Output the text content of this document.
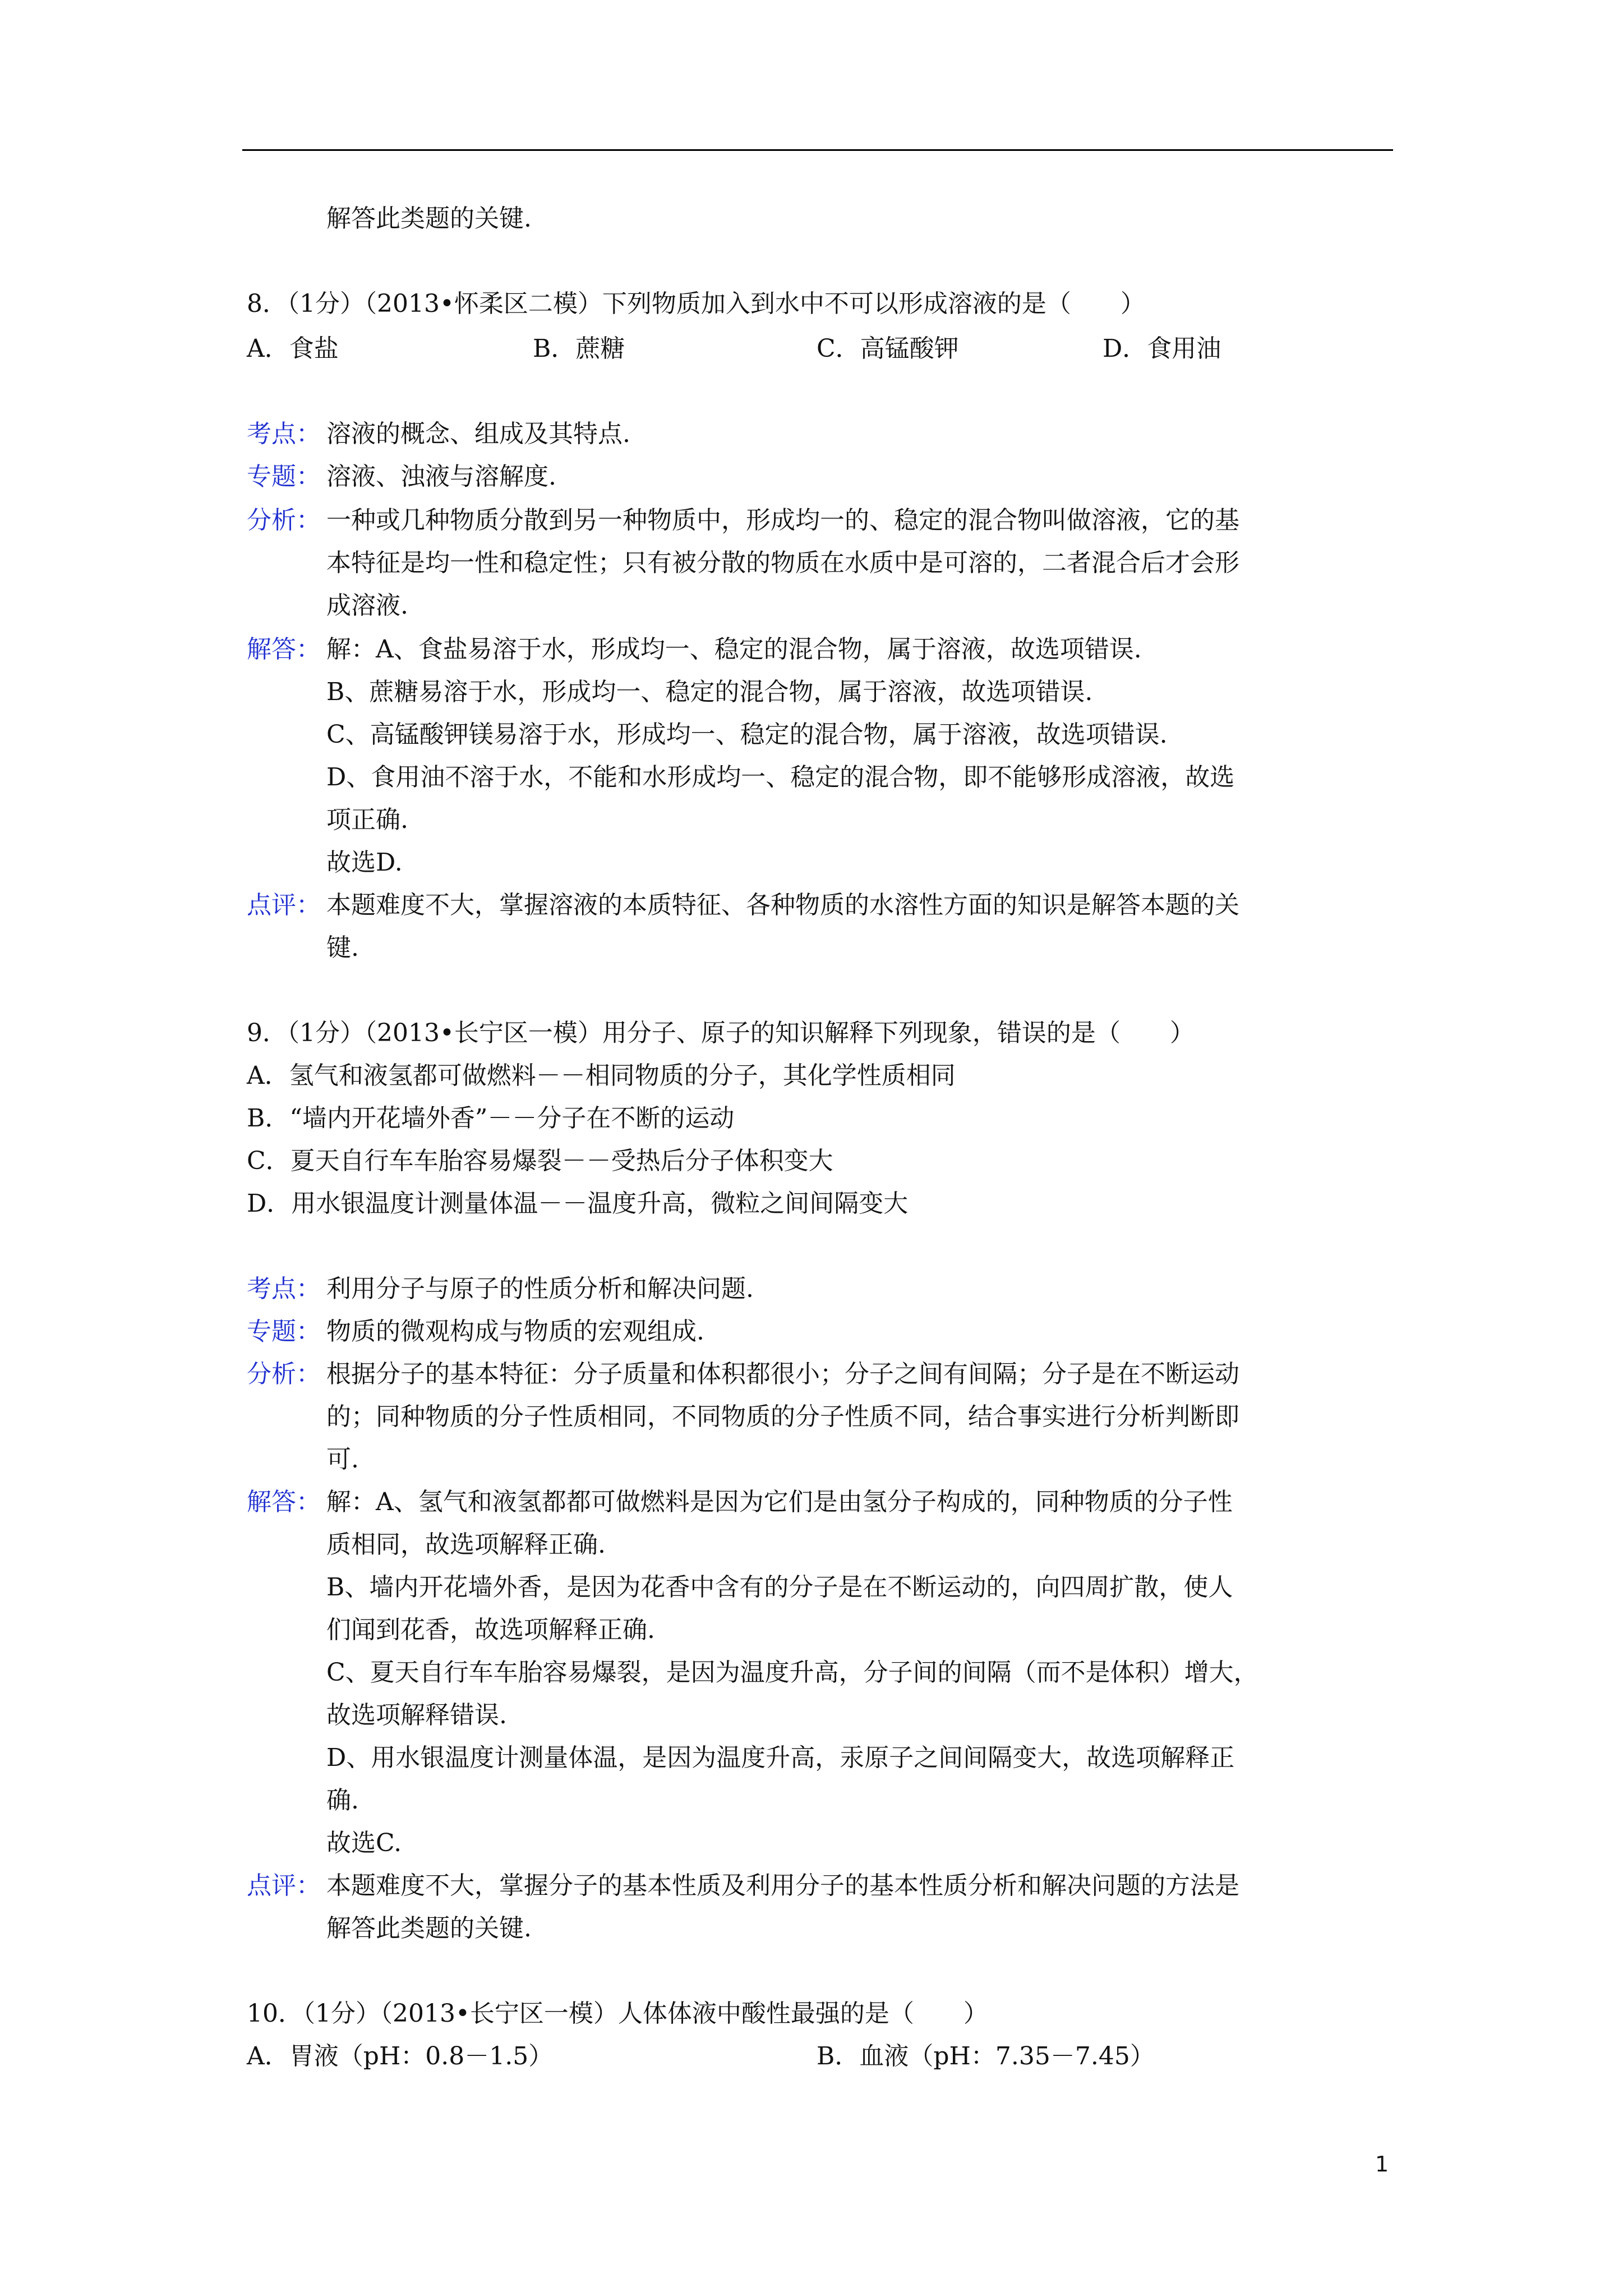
解答此类题的关键.
8．（1分）（2013•怀柔区二模）下列物质加入到水中不可以形成溶液的是（　　）
A．食盐	B．蔗糖	C．高锰酸钾	D．食用油
考点： 溶液的概念、组成及其特点.
专题： 溶液、浊液与溶解度.
分析： 一种或几种物质分散到另一种物质中，形成均一的、稳定的混合物叫做溶液，它的基
本特征是均一性和稳定性；只有被分散的物质在水质中是可溶的，二者混合后才会形
成溶液.
解答： 解：A、食盐易溶于水，形成均一、稳定的混合物，属于溶液，故选项错误.
B、蔗糖易溶于水，形成均一、稳定的混合物，属于溶液，故选项错误.
C、高锰酸钾镁易溶于水，形成均一、稳定的混合物，属于溶液，故选项错误.
D、食用油不溶于水，不能和水形成均一、稳定的混合物，即不能够形成溶液，故选
项正确.
故选D.
点评： 本题难度不大，掌握溶液的本质特征、各种物质的水溶性方面的知识是解答本题的关
键.
9．（1分）（2013•长宁区一模）用分子、原子的知识解释下列现象，错误的是（　　）
A．氢气和液氢都可做燃料－－相同物质的分子，其化学性质相同
B．“墙内开花墙外香”－－分子在不断的运动
C．夏天自行车车胎容易爆裂－－受热后分子体积变大
D．用水银温度计测量体温－－温度升高，微粒之间间隔变大
考点： 利用分子与原子的性质分析和解决问题.
专题： 物质的微观构成与物质的宏观组成.
分析： 根据分子的基本特征：分子质量和体积都很小；分子之间有间隔；分子是在不断运动
的；同种物质的分子性质相同，不同物质的分子性质不同，结合事实进行分析判断即
可.
解答： 解：A、氢气和液氢都都可做燃料是因为它们是由氢分子构成的，同种物质的分子性
质相同，故选项解释正确.
B、墙内开花墙外香，是因为花香中含有的分子是在不断运动的，向四周扩散，使人
们闻到花香，故选项解释正确.
C、夏天自行车车胎容易爆裂，是因为温度升高，分子间的间隔（而不是体积）增大，
故选项解释错误.
D、用水银温度计测量体温，是因为温度升高，汞原子之间间隔变大，故选项解释正
确.
故选C.
点评： 本题难度不大，掌握分子的基本性质及利用分子的基本性质分析和解决问题的方法是
解答此类题的关键.
10．（1分）（2013•长宁区一模）人体体液中酸性最强的是（　　）
A．胃液（pH：0.8－1.5）	B．血液（pH：7.35－7.45）
1
